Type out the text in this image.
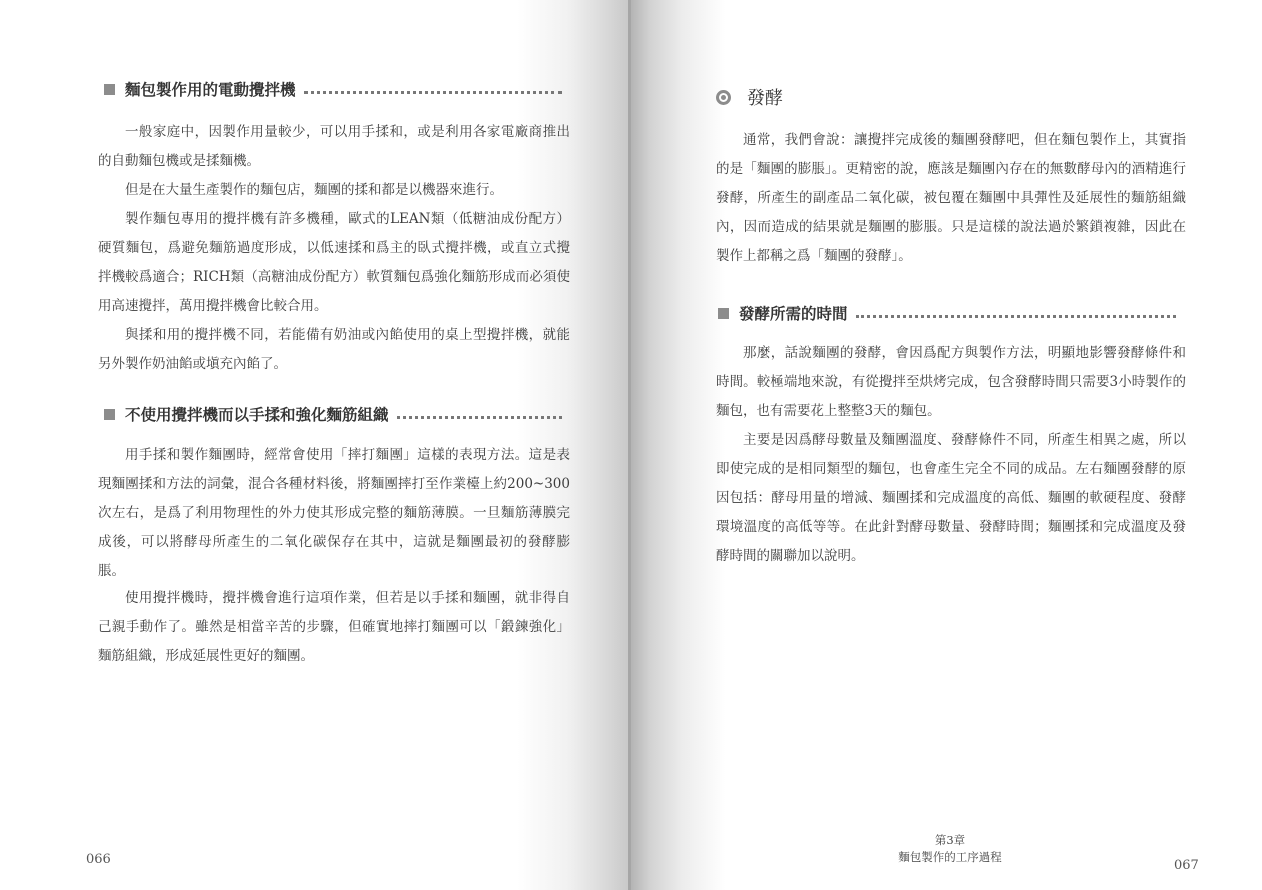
麵包製作用的電動攪拌機

一般家庭中，因製作用量較少，可以用手揉和，或是利用各家電廠商推出的自動麵包機或是揉麵機。

但是在大量生產製作的麵包店，麵團的揉和都是以機器來進行。

製作麵包專用的攪拌機有許多機種，歐式的LEAN類（低糖油成份配方）硬質麵包，爲避免麵筋過度形成，以低速揉和爲主的臥式攪拌機，或直立式攪拌機較爲適合；RICH類（高糖油成份配方）軟質麵包爲強化麵筋形成而必須使用高速攪拌，萬用攪拌機會比較合用。

與揉和用的攪拌機不同，若能備有奶油或內餡使用的桌上型攪拌機，就能另外製作奶油餡或塡充內餡了。

不使用攪拌機而以手揉和強化麵筋組織

用手揉和製作麵團時，經常會使用「摔打麵團」這樣的表現方法。這是表現麵團揉和方法的詞彙，混合各種材料後，將麵團摔打至作業檯上約200~300次左右，是爲了利用物理性的外力使其形成完整的麵筋薄膜。一旦麵筋薄膜完成後，可以將酵母所產生的二氧化碳保存在其中，這就是麵團最初的發酵膨脹。

使用攪拌機時，攪拌機會進行這項作業，但若是以手揉和麵團，就非得自己親手動作了。雖然是相當辛苦的步驟，但確實地摔打麵團可以「鍛鍊強化」麵筋組織，形成延展性更好的麵團。

066
發酵

通常，我們會說：讓攪拌完成後的麵團發酵吧，但在麵包製作上，其實指的是「麵團的膨脹」。更精密的說，應該是麵團內存在的無數酵母內的酒精進行發酵，所產生的副產品二氧化碳，被包覆在麵團中具彈性及延展性的麵筋組織內，因而造成的結果就是麵團的膨脹。只是這樣的說法過於繁鎖複雜，因此在製作上都稱之爲「麵團的發酵」。

發酵所需的時間

那麼，話說麵團的發酵，會因爲配方與製作方法，明顯地影響發酵條件和時間。較極端地來說，有從攪拌至烘烤完成，包含發酵時間只需要3小時製作的麵包，也有需要花上整整3天的麵包。

主要是因爲酵母數量及麵團溫度、發酵條件不同，所產生相異之處，所以即使完成的是相同類型的麵包，也會產生完全不同的成品。左右麵團發酵的原因包括：酵母用量的增減、麵團揉和完成溫度的高低、麵團的軟硬程度、發酵環境溫度的高低等等。在此針對酵母數量、發酵時間；麵團揉和完成溫度及發酵時間的關聯加以說明。

第3章
麵包製作的工序過程
067
